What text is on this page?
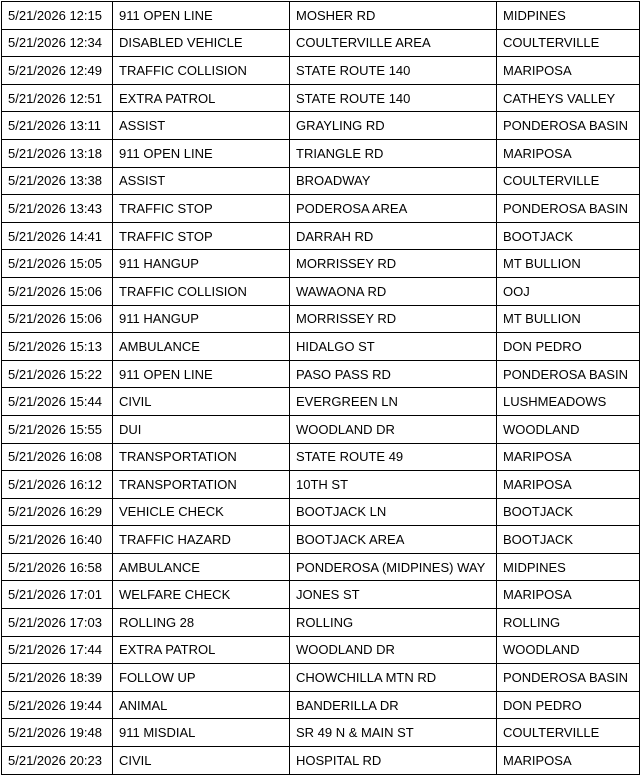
5/21/2026 12:15	911 OPEN LINE	MOSHER RD	MIDPINES
5/21/2026 12:34	DISABLED VEHICLE	COULTERVILLE AREA	COULTERVILLE
5/21/2026 12:49	TRAFFIC COLLISION	STATE ROUTE 140	MARIPOSA
5/21/2026 12:51	EXTRA PATROL	STATE ROUTE 140	CATHEYS VALLEY
5/21/2026 13:11	ASSIST	GRAYLING RD	PONDEROSA BASIN
5/21/2026 13:18	911 OPEN LINE	TRIANGLE RD	MARIPOSA
5/21/2026 13:38	ASSIST	BROADWAY	COULTERVILLE
5/21/2026 13:43	TRAFFIC STOP	PODEROSA AREA	PONDEROSA BASIN
5/21/2026 14:41	TRAFFIC STOP	DARRAH RD	BOOTJACK
5/21/2026 15:05	911 HANGUP	MORRISSEY RD	MT BULLION
5/21/2026 15:06	TRAFFIC COLLISION	WAWAONA RD	OOJ
5/21/2026 15:06	911 HANGUP	MORRISSEY RD	MT BULLION
5/21/2026 15:13	AMBULANCE	HIDALGO ST	DON PEDRO
5/21/2026 15:22	911 OPEN LINE	PASO PASS RD	PONDEROSA BASIN
5/21/2026 15:44	CIVIL	EVERGREEN LN	LUSHMEADOWS
5/21/2026 15:55	DUI	WOODLAND DR	WOODLAND
5/21/2026 16:08	TRANSPORTATION	STATE ROUTE 49	MARIPOSA
5/21/2026 16:12	TRANSPORTATION	10TH ST	MARIPOSA
5/21/2026 16:29	VEHICLE CHECK	BOOTJACK LN	BOOTJACK
5/21/2026 16:40	TRAFFIC HAZARD	BOOTJACK AREA	BOOTJACK
5/21/2026 16:58	AMBULANCE	PONDEROSA (MIDPINES) WAY	MIDPINES
5/21/2026 17:01	WELFARE CHECK	JONES ST	MARIPOSA
5/21/2026 17:03	ROLLING 28	ROLLING	ROLLING
5/21/2026 17:44	EXTRA PATROL	WOODLAND DR	WOODLAND
5/21/2026 18:39	FOLLOW UP	CHOWCHILLA MTN RD	PONDEROSA BASIN
5/21/2026 19:44	ANIMAL	BANDERILLA DR	DON PEDRO
5/21/2026 19:48	911 MISDIAL	SR 49 N & MAIN ST	COULTERVILLE
5/21/2026 20:23	CIVIL	HOSPITAL RD	MARIPOSA
